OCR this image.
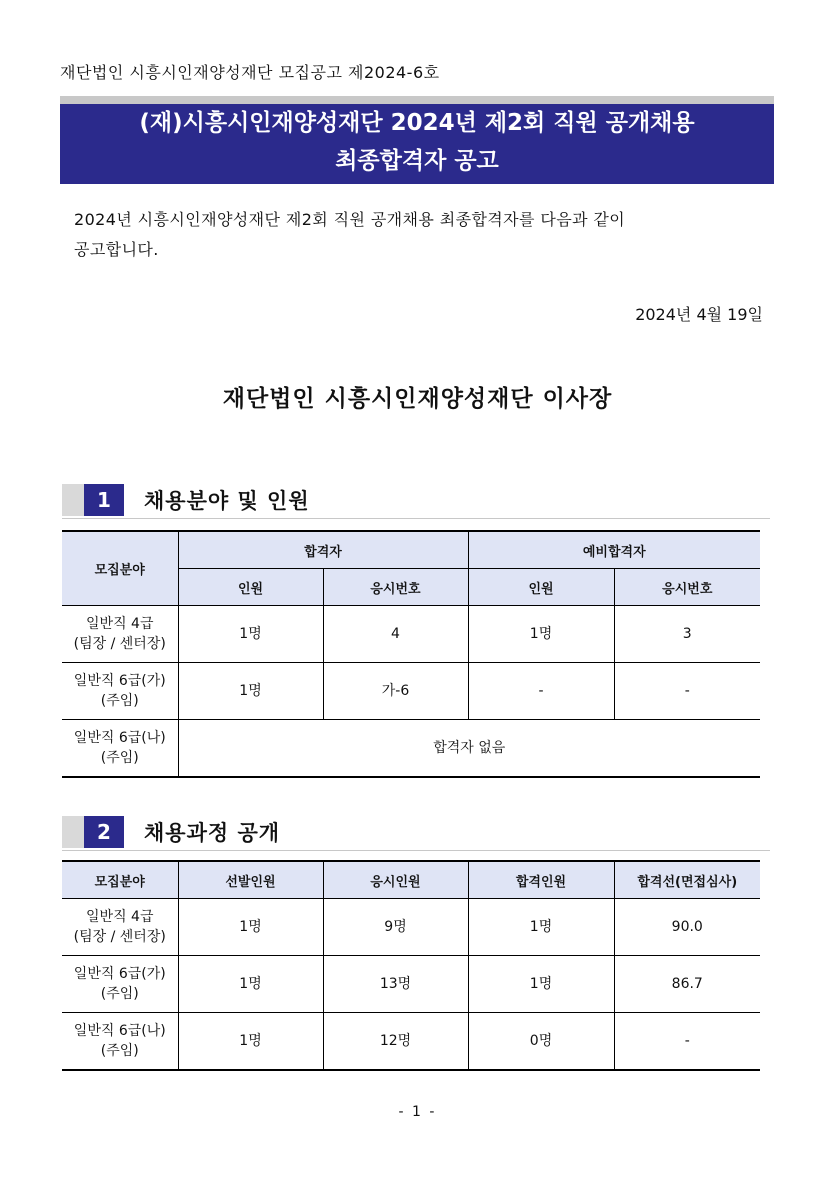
재단법인 시흥시인재양성재단 모집공고 제2024-6호
(재)시흥시인재양성재단 2024년 제2회 직원 공개채용
최종합격자 공고
2024년 시흥시인재양성재단 제2회 직원 공개채용 최종합격자를 다음과 같이
공고합니다.
2024년 4월 19일
재단법인 시흥시인재양성재단 이사장
1	채용분야 및 인원
모집분야	합격자		예비합격자	
	인원	응시번호	인원	응시번호

일반직 4급
(팀장 / 센터장)	1명	4	1명	3

일반직 6급(가)
(주임)	1명	가-6	-	-

일반직 6급(나)
(주임)	합격자 없음			
2	채용과정 공개
모집분야	선발인원	응시인원	합격인원	합격선(면접심사)

일반직 4급
(팀장 / 센터장)	1명	9명	1명	90.0

일반직 6급(가)
(주임)	1명	13명	1명	86.7

일반직 6급(나)
(주임)	1명	12명	0명	-
- 1 -
